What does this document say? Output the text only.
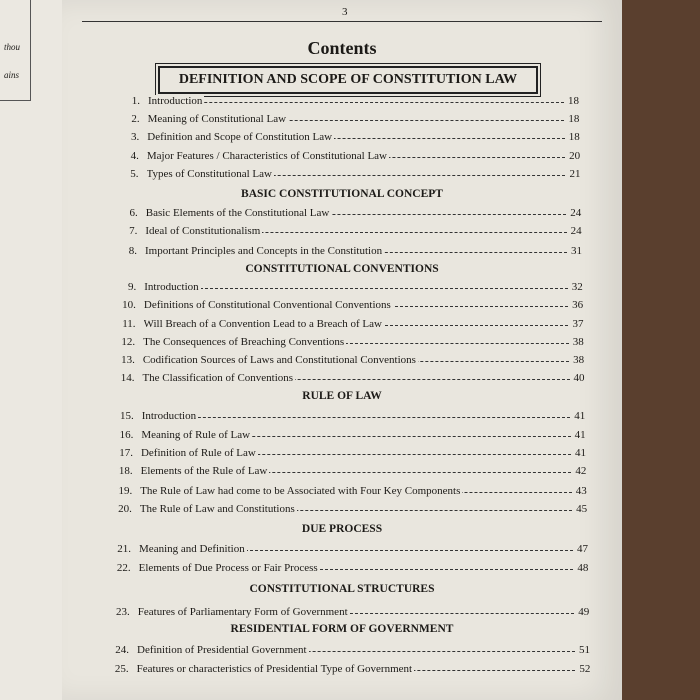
thou
ains
3
Contents
DEFINITION AND SCOPE OF CONSTITUTION LAW
1. Introduction	18
2. Meaning of Constitutional Law	18
3. Definition and Scope of Constitution Law	18
4. Major Features / Characteristics of Constitutional Law	20
5. Types of Constitutional Law	21
BASIC CONSTITUTIONAL CONCEPT
6. Basic Elements of the Constitutional Law	24
7. Ideal of Constitutionalism	24
8. Important Principles and Concepts in the Constitution	31
CONSTITUTIONAL CONVENTIONS
9. Introduction	32
10. Definitions of Constitutional Conventional Conventions	36
11. Will Breach of a Convention Lead to a Breach of Law	37
12. The Consequences of Breaching Conventions	38
13. Codification Sources of Laws and Constitutional Conventions	38
14. The Classification of Conventions	40
RULE OF LAW
15. Introduction	41
16. Meaning of Rule of Law	41
17. Definition of Rule of Law	41
18. Elements of the Rule of Law	42
19. The Rule of Law had come to be Associated with Four Key Components	43
20. The Rule of Law and Constitutions	45
DUE PROCESS
21. Meaning and Definition	47
22. Elements of Due Process or Fair Process	48
CONSTITUTIONAL STRUCTURES
23. Features of Parliamentary Form of Government	49
RESIDENTIAL FORM OF GOVERNMENT
24. Definition of Presidential Government	51
25. Features or characteristics of Presidential Type of Government	52
